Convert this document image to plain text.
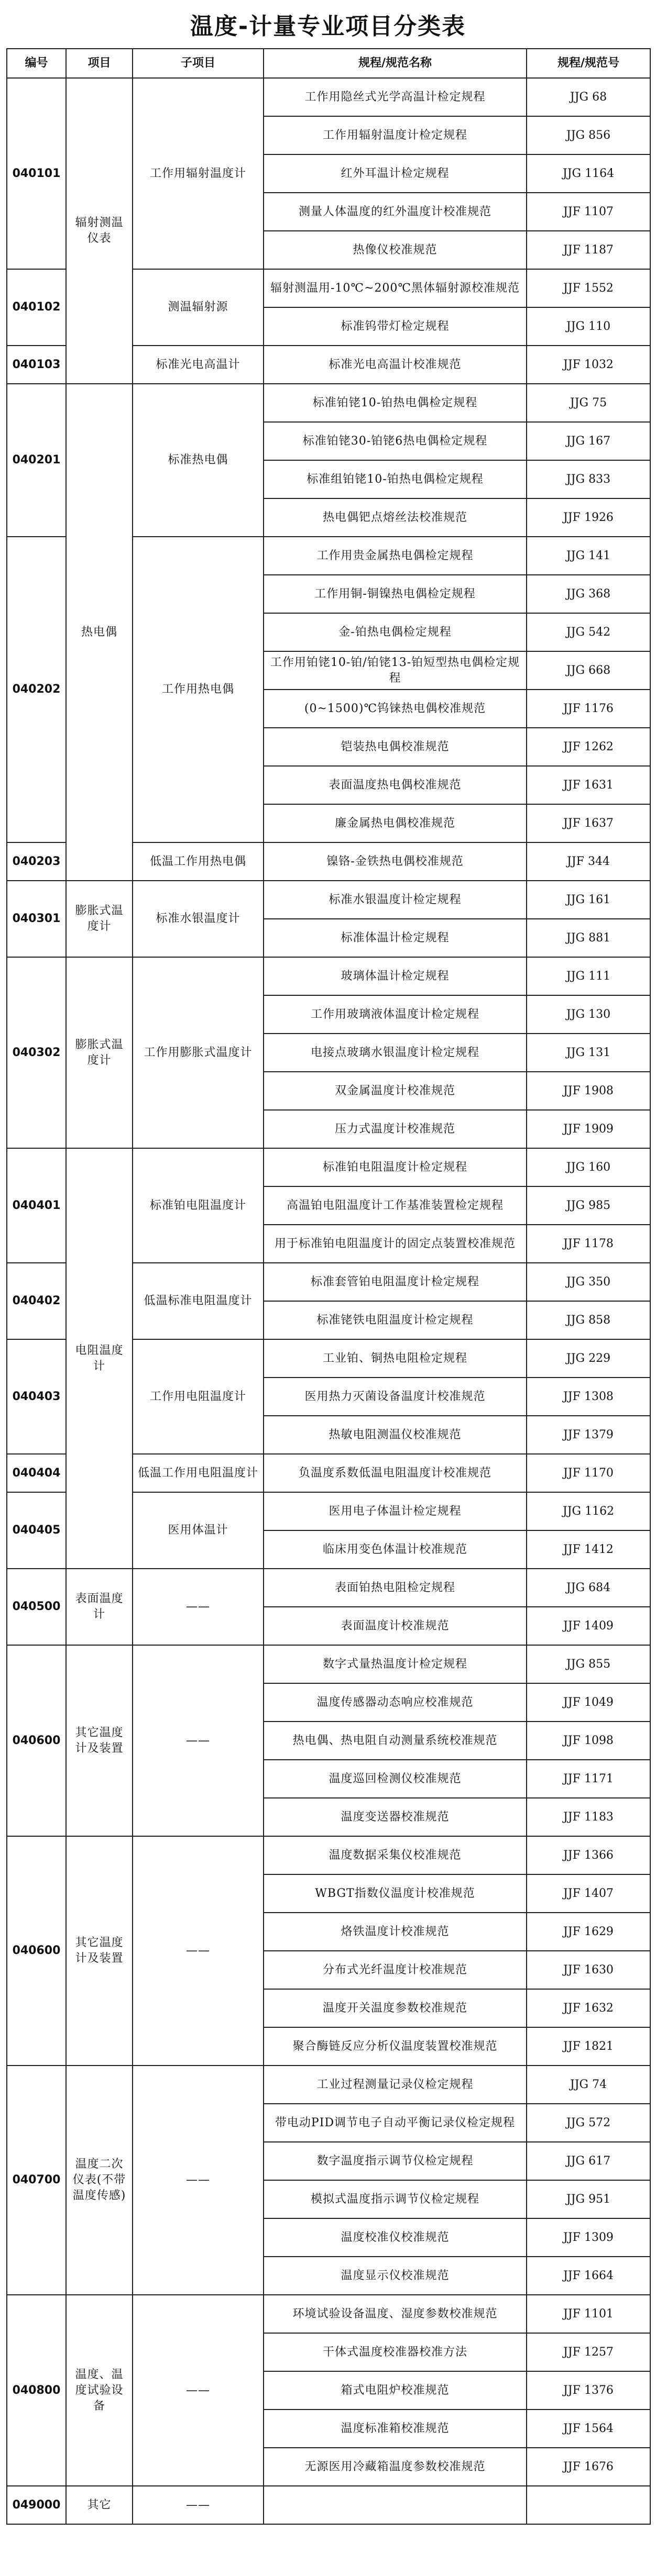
温度-计量专业项目分类表
编号	项目	子项目	规程/规范名称	规程/规范号
040101	辐射测温仪表	工作用辐射温度计	工作用隐丝式光学高温计检定规程	JJG 68
			工作用辐射温度计检定规程	JJG 856
			红外耳温计检定规程	JJG 1164
			测量人体温度的红外温度计校准规范	JJF 1107
			热像仪校准规范	JJF 1187
040102		测温辐射源	辐射测温用-10℃~200℃黑体辐射源校准规范	JJF 1552
			标准钨带灯检定规程	JJG 110
040103		标准光电高温计	标准光电高温计校准规范	JJF 1032
040201	热电偶	标准热电偶	标准铂铑10-铂热电偶检定规程	JJG 75
			标准铂铑30-铂铑6热电偶检定规程	JJG 167
			标准组铂铑10-铂热电偶检定规程	JJG 833
			热电偶钯点熔丝法校准规范	JJF 1926
040202		工作用热电偶	工作用贵金属热电偶检定规程	JJG 141
			工作用铜-铜镍热电偶检定规程	JJG 368
			金-铂热电偶检定规程	JJG 542
			工作用铂铑10-铂/铂铑13-铂短型热电偶检定规程	JJG 668
			(0~1500)℃钨铼热电偶校准规范	JJF 1176
			铠装热电偶校准规范	JJF 1262
			表面温度热电偶校准规范	JJF 1631
			廉金属热电偶校准规范	JJF 1637
040203		低温工作用热电偶	镍铬-金铁热电偶校准规范	JJF 344
040301	膨胀式温度计	标准水银温度计	标准水银温度计检定规程	JJG 161
			标准体温计检定规程	JJG 881
040302	膨胀式温度计	工作用膨胀式温度计	玻璃体温计检定规程	JJG 111
			工作用玻璃液体温度计检定规程	JJG 130
			电接点玻璃水银温度计检定规程	JJG 131
			双金属温度计校准规范	JJF 1908
			压力式温度计校准规范	JJF 1909
040401	电阻温度计	标准铂电阻温度计	标准铂电阻温度计检定规程	JJG 160
			高温铂电阻温度计工作基准装置检定规程	JJG 985
			用于标准铂电阻温度计的固定点装置校准规范	JJF 1178
040402		低温标准电阻温度计	标准套管铂电阻温度计检定规程	JJG 350
			标准铑铁电阻温度计检定规程	JJG 858
040403		工作用电阻温度计	工业铂、铜热电阻检定规程	JJG 229
			医用热力灭菌设备温度计校准规范	JJF 1308
			热敏电阻测温仪校准规范	JJF 1379
040404		低温工作用电阻温度计	负温度系数低温电阻温度计校准规范	JJF 1170
040405		医用体温计	医用电子体温计检定规程	JJG 1162
			临床用变色体温计校准规范	JJF 1412
040500	表面温度计	——	表面铂热电阻检定规程	JJG 684
			表面温度计校准规范	JJF 1409
040600	其它温度计及装置	——	数字式量热温度计检定规程	JJG 855
			温度传感器动态响应校准规范	JJF 1049
			热电偶、热电阻自动测量系统校准规范	JJF 1098
			温度巡回检测仪校准规范	JJF 1171
			温度变送器校准规范	JJF 1183
040600	其它温度计及装置	——	温度数据采集仪校准规范	JJF 1366
			WBGT指数仪温度计校准规范	JJF 1407
			烙铁温度计校准规范	JJF 1629
			分布式光纤温度计校准规范	JJF 1630
			温度开关温度参数校准规范	JJF 1632
			聚合酶链反应分析仪温度装置校准规范	JJF 1821
040700	温度二次仪表(不带温度传感)	——	工业过程测量记录仪检定规程	JJG 74
			带电动PID调节电子自动平衡记录仪检定规程	JJG 572
			数字温度指示调节仪检定规程	JJG 617
			模拟式温度指示调节仪检定规程	JJG 951
			温度校准仪校准规范	JJF 1309
			温度显示仪校准规范	JJF 1664
040800	温度、温度试验设备	——	环境试验设备温度、湿度参数校准规范	JJF 1101
			干体式温度校准器校准方法	JJF 1257
			箱式电阻炉校准规范	JJF 1376
			温度标准箱校准规范	JJF 1564
			无源医用冷藏箱温度参数校准规范	JJF 1676
049000	其它	——		
